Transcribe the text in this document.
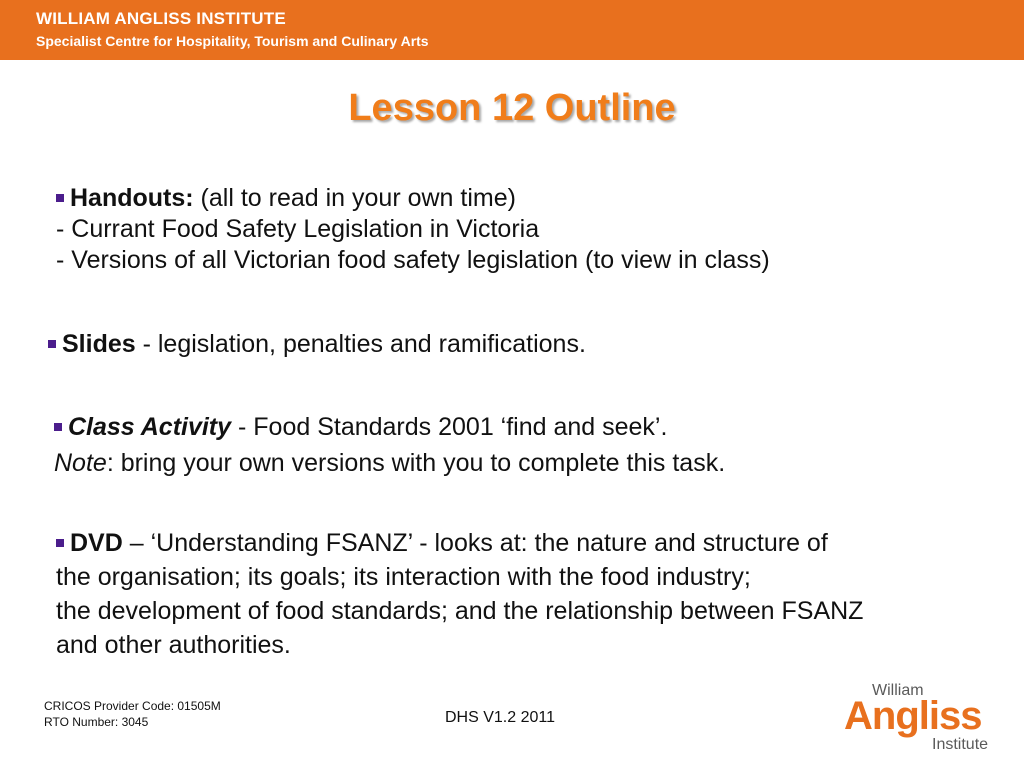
WILLIAM ANGLISS INSTITUTE
Specialist Centre for Hospitality, Tourism and Culinary Arts
Lesson 12 Outline
Handouts: (all to read in your own time)
- Currant Food Safety Legislation in Victoria
- Versions of all Victorian food safety legislation (to view in class)
Slides - legislation, penalties and ramifications.
Class Activity - Food Standards 2001 ‘find and seek’.
Note: bring your own versions with you to complete this task.
DVD – ‘Understanding FSANZ’ - looks at: the nature and structure of
the organisation; its goals; its interaction with the food industry;
the development of food standards; and the relationship between FSANZ
and other authorities.
CRICOS Provider Code: 01505M
RTO Number: 3045	DHS V1.2 2011
William
Angliss
Institute
